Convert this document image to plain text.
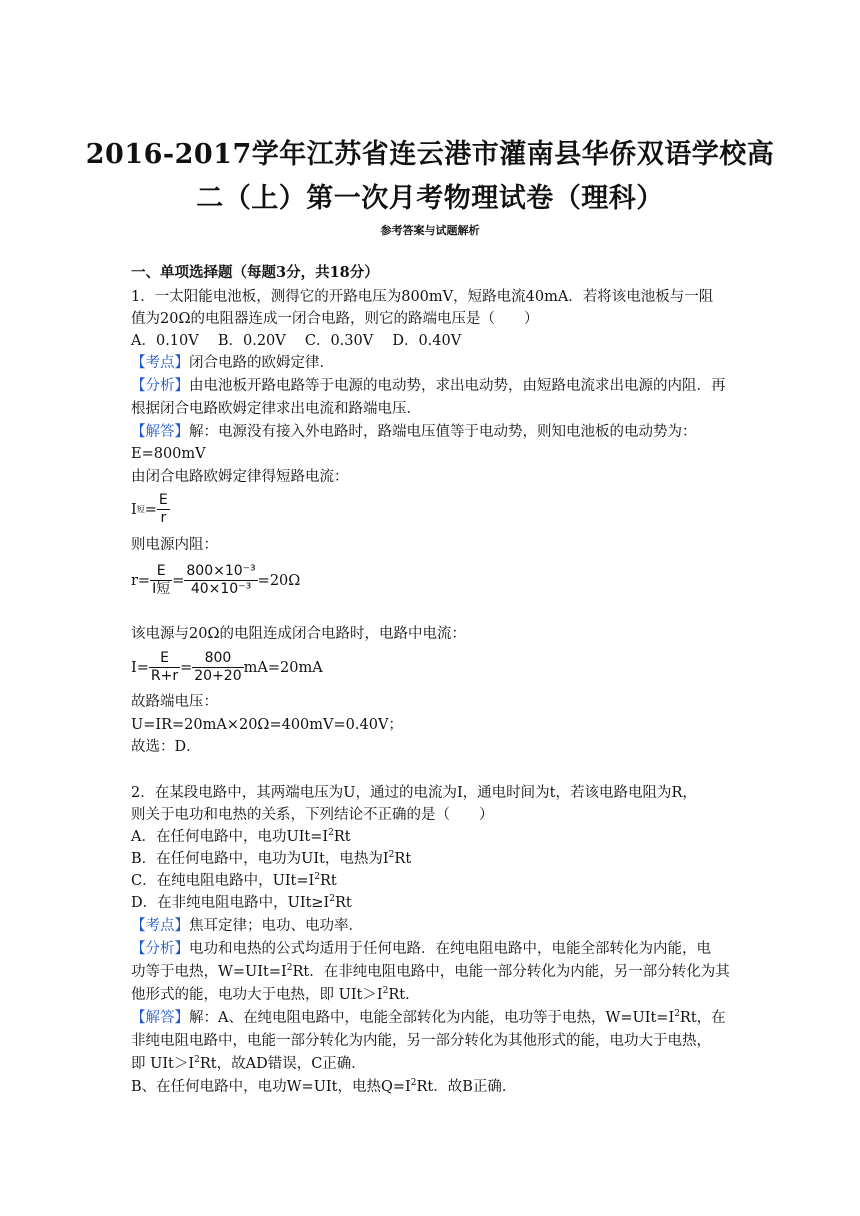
2016-2017学年江苏省连云港市灌南县华侨双语学校高
二（上）第一次月考物理试卷（理科）
参考答案与试题解析
一、单项选择题（每题3分，共18分）
1．一太阳能电池板，测得它的开路电压为800mV，短路电流40mA．若将该电池板与一阻
值为20Ω的电阻器连成一闭合电路，则它的路端电压是（　　）
A．0.10V　 B．0.20V　 C．0.30V　 D．0.40V
【考点】闭合电路的欧姆定律．
【分析】由电池板开路电路等于电源的电动势，求出电动势，由短路电流求出电源的内阻．再
根据闭合电路欧姆定律求出电流和路端电压．
【解答】解：电源没有接入外电路时，路端电压值等于电动势，则知电池板的电动势为：
E=800mV
由闭合电路欧姆定律得短路电流：
I 短 = $\frac{E}{r}$
则电源内阻：
$r= \frac{E}{\text{I短}} = \frac{\text{800×10⁻³}}{\text{40×10⁻³}} =20\Omega$
该电源与20Ω的电阻连成闭合电路时，电路中电流：
$I= \frac{E}{R+r} = \frac{800}{20+20} mA=20mA$
故路端电压：
U=IR=20mA×20Ω=400mV=0.40V；
故选：D．
2．在某段电路中，其两端电压为U，通过的电流为I，通电时间为t，若该电路电阻为R，
则关于电功和电热的关系，下列结论不正确的是（　　）
A．在任何电路中，电功$UIt=I^2Rt$
B．在任何电路中，电功为UIt，电热为$I^2Rt$
C．在纯电阻电路中，$UIt=I^2Rt$
D．在非纯电阻电路中，$UIt\ge I^2Rt$
【考点】焦耳定律；电功、电功率．
【分析】电功和电热的公式均适用于任何电路．在纯电阻电路中，电能全部转化为内能，电
功等于电热，$W=UIt=I^2Rt$．在非纯电阻电路中，电能一部分转化为内能，另一部分转化为其
他形式的能，电功大于电热，即 $UIt>I^2Rt$．
【解答】解：A、在纯电阻电路中，电能全部转化为内能，电功等于电热，$W=UIt=I^2Rt$，在
非纯电阻电路中，电能一部分转化为内能，另一部分转化为其他形式的能，电功大于电热，
即 $UIt>I^2Rt$，故AD错误，C正确．
B、在任何电路中，电功W=UIt，电热$Q=I^2Rt$．故B正确．
